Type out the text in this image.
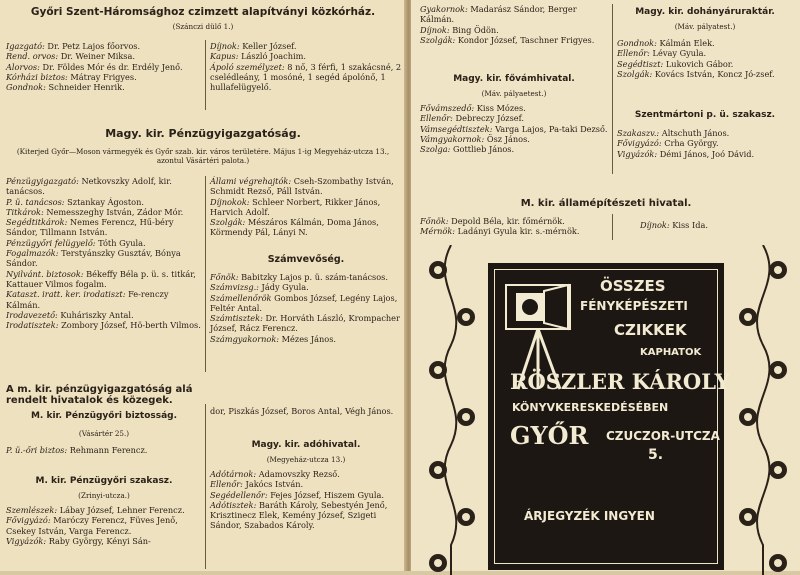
Győri Szent-Háromsághoz czimzett alapítványi közkórház.
(Szánczi dülő 1.)

Igazgató: Dr. Petz Lajos főorvos.

Rend. orvos: Dr. Weiner Miksa.

Alorvos: Dr. Földes Mór és dr. Erdély Jenő.

Kórházi biztos: Mátray Frigyes.

Gondnok: Schneider Henrik.

Díjnok: Keller József.

Kapus: László Joachim.

Ápoló személyzet: 8 nő, 3 férfi, 1 szakácsné, 2 cselédleány, 1 mosóné, 1 segéd ápolónő, 1 hullafelügyelő.

Magy. kir. Pénzügyigazgatóság.
(Kiterjed Győr—Moson vármegyék és Győr szab. kir. város területére. Május 1-ig Megyeház-utcza 13., azontul Vásártéri palota.)

Pénzügyigazgató: Netkovszky Adolf, kir. tanácsos.

P. ü. tanácsos: Sztankay Ágoston.

Titkárok: Nemesszeghy István, Zádor Mór.

Segédtitkárok: Nemes Ferencz, Hű-béry Sándor, Tillmann István.

Pénzügyőri felügyelő: Tóth Gyula.

Fogalmazók: Terstyánszky Gusztáv, Bónya Sándor.

Nyilvánt. biztosok: Békeffy Béla p. ü. s. titkár, Kattauer Vilmos fogalm.

Kataszt. iratt. ker. irodatiszt: Fe-renczy Kálmán.

Irodavezető: Kuháriszky Antal.

Irodatisztek: Zombory József, Hö-berth Vilmos.

Állami végrehajtók: Cseh-Szombathy István, Schmidt Rezső, Páll István.

Díjnokok: Schleer Norbert, Rikker János, Harvich Adolf.

Szolgák: Mészáros Kálmán, Doma János, Körmendy Pál, Lányi N.

Számvevőség.

Főnök: Babitzky Lajos p. ü. szám-tanácsos.

Számvizsg.: Jády Gyula.

Számellenőrök Gombos József, Legény Lajos, Feltér Antal.

Számtisztek: Dr. Horváth László, Krompacher József, Rácz Ferencz.

Számgyakornok: Mézes János.

A m. kir. pénzügyigazgatóság alá rendelt hivatalok és közegek.
M. kir. Pénzügyőri biztosság.
(Vásártér 25.)

P. ü.-őri biztos: Rehmann Ferencz.

M. kir. Pénzügyőri szakasz.
(Zrinyi-utcza.)

Szemlészek: Lábay József, Lehner Ferencz.

Fővigyázó: Maróczy Ferencz, Füves Jenő, Csekey István, Varga Ferencz.

Vigyázók: Raby György, Kényi Sán-

dor, Piszkás József, Boros Antal, Végh János.
Magy. kir. adóhivatal.
(Megyeház-utcza 13.)

Adótárnok: Adamovszky Rezső.

Ellenőr: Jakócs István.

Segédellenőr: Fejes József, Hiszem Gyula.

Adótisztek: Baráth Károly, Sebestyén Jenő, Krisztinecz Elek, Kemény József, Szigeti Sándor, Szabados Károly.

Gyakornok: Madarász Sándor, Berger Kálmán.

Díjnok: Bing Ödön.

Szolgák: Kondor József, Taschner Frigyes.

Magy. kir. fővámhivatal.
(Máv. pályaetest.)

Fővámszedő: Kiss Mózes.

Ellenőr: Debreczy József.

Vámsegédtisztek: Varga Lajos, Pa-taki Dezső.

Vámgyakornok: Ösz János.

Szolga: Gottlieb János.

Magy. kir. dohányáruraktár.
(Máv. pályatest.)

Gondnok: Kálmán Elek.

Ellenőr: Lévay Gyula.

Segédtiszt: Lukovich Gábor.

Szolgák: Kovács István, Koncz Jó-zsef.

Szentmártoni p. ü. szakasz.

Szakaszv.: Altschuth János.

Fővigyázó: Crha György.

Vigyázók: Démi János, Joó Dávid.

M. kir. államépítészeti hivatal.

Főnök: Depold Béla, kir. főmérnök.

Mérnök: Ladányi Gyula kir. s.-mérnök.

Díjnok: Kiss Ida.

ÖSSZES
FÉNYKÉPÉSZETI
CZIKKEK
KAPHATOK
RÖSZLER KÁROLY
KÖNYVKERESKEDÉSÉBEN
GYŐR CZUCZOR-UTCZA
5.
ÁRJEGYZÉK INGYEN
